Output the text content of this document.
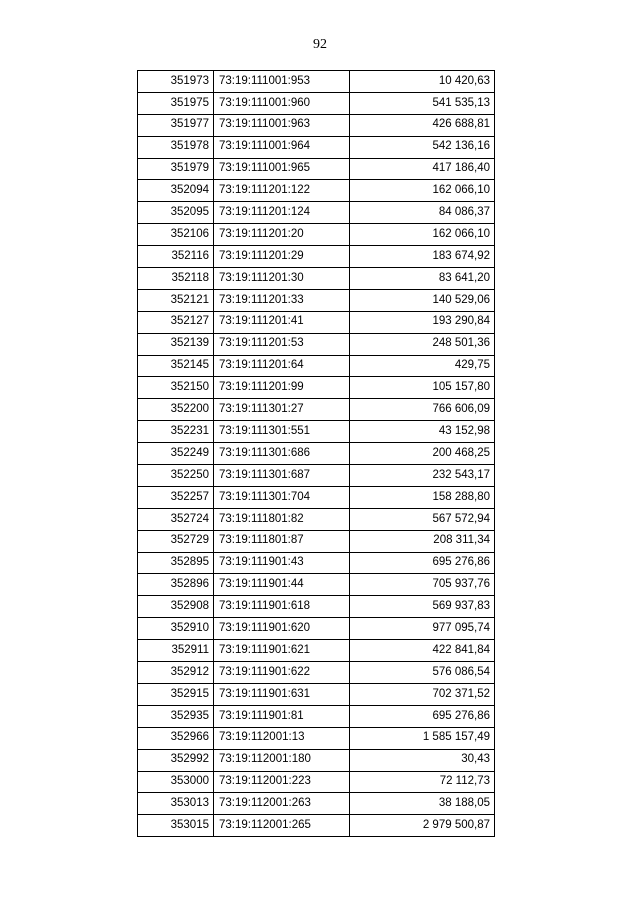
92
351973	73:19:111001:953	10 420,63
351975	73:19:111001:960	541 535,13
351977	73:19:111001:963	426 688,81
351978	73:19:111001:964	542 136,16
351979	73:19:111001:965	417 186,40
352094	73:19:111201:122	162 066,10
352095	73:19:111201:124	84 086,37
352106	73:19:111201:20	162 066,10
352116	73:19:111201:29	183 674,92
352118	73:19:111201:30	83 641,20
352121	73:19:111201:33	140 529,06
352127	73:19:111201:41	193 290,84
352139	73:19:111201:53	248 501,36
352145	73:19:111201:64	429,75
352150	73:19:111201:99	105 157,80
352200	73:19:111301:27	766 606,09
352231	73:19:111301:551	43 152,98
352249	73:19:111301:686	200 468,25
352250	73:19:111301:687	232 543,17
352257	73:19:111301:704	158 288,80
352724	73:19:111801:82	567 572,94
352729	73:19:111801:87	208 311,34
352895	73:19:111901:43	695 276,86
352896	73:19:111901:44	705 937,76
352908	73:19:111901:618	569 937,83
352910	73:19:111901:620	977 095,74
352911	73:19:111901:621	422 841,84
352912	73:19:111901:622	576 086,54
352915	73:19:111901:631	702 371,52
352935	73:19:111901:81	695 276,86
352966	73:19:112001:13	1 585 157,49
352992	73:19:112001:180	30,43
353000	73:19:112001:223	72 112,73
353013	73:19:112001:263	38 188,05
353015	73:19:112001:265	2 979 500,87
